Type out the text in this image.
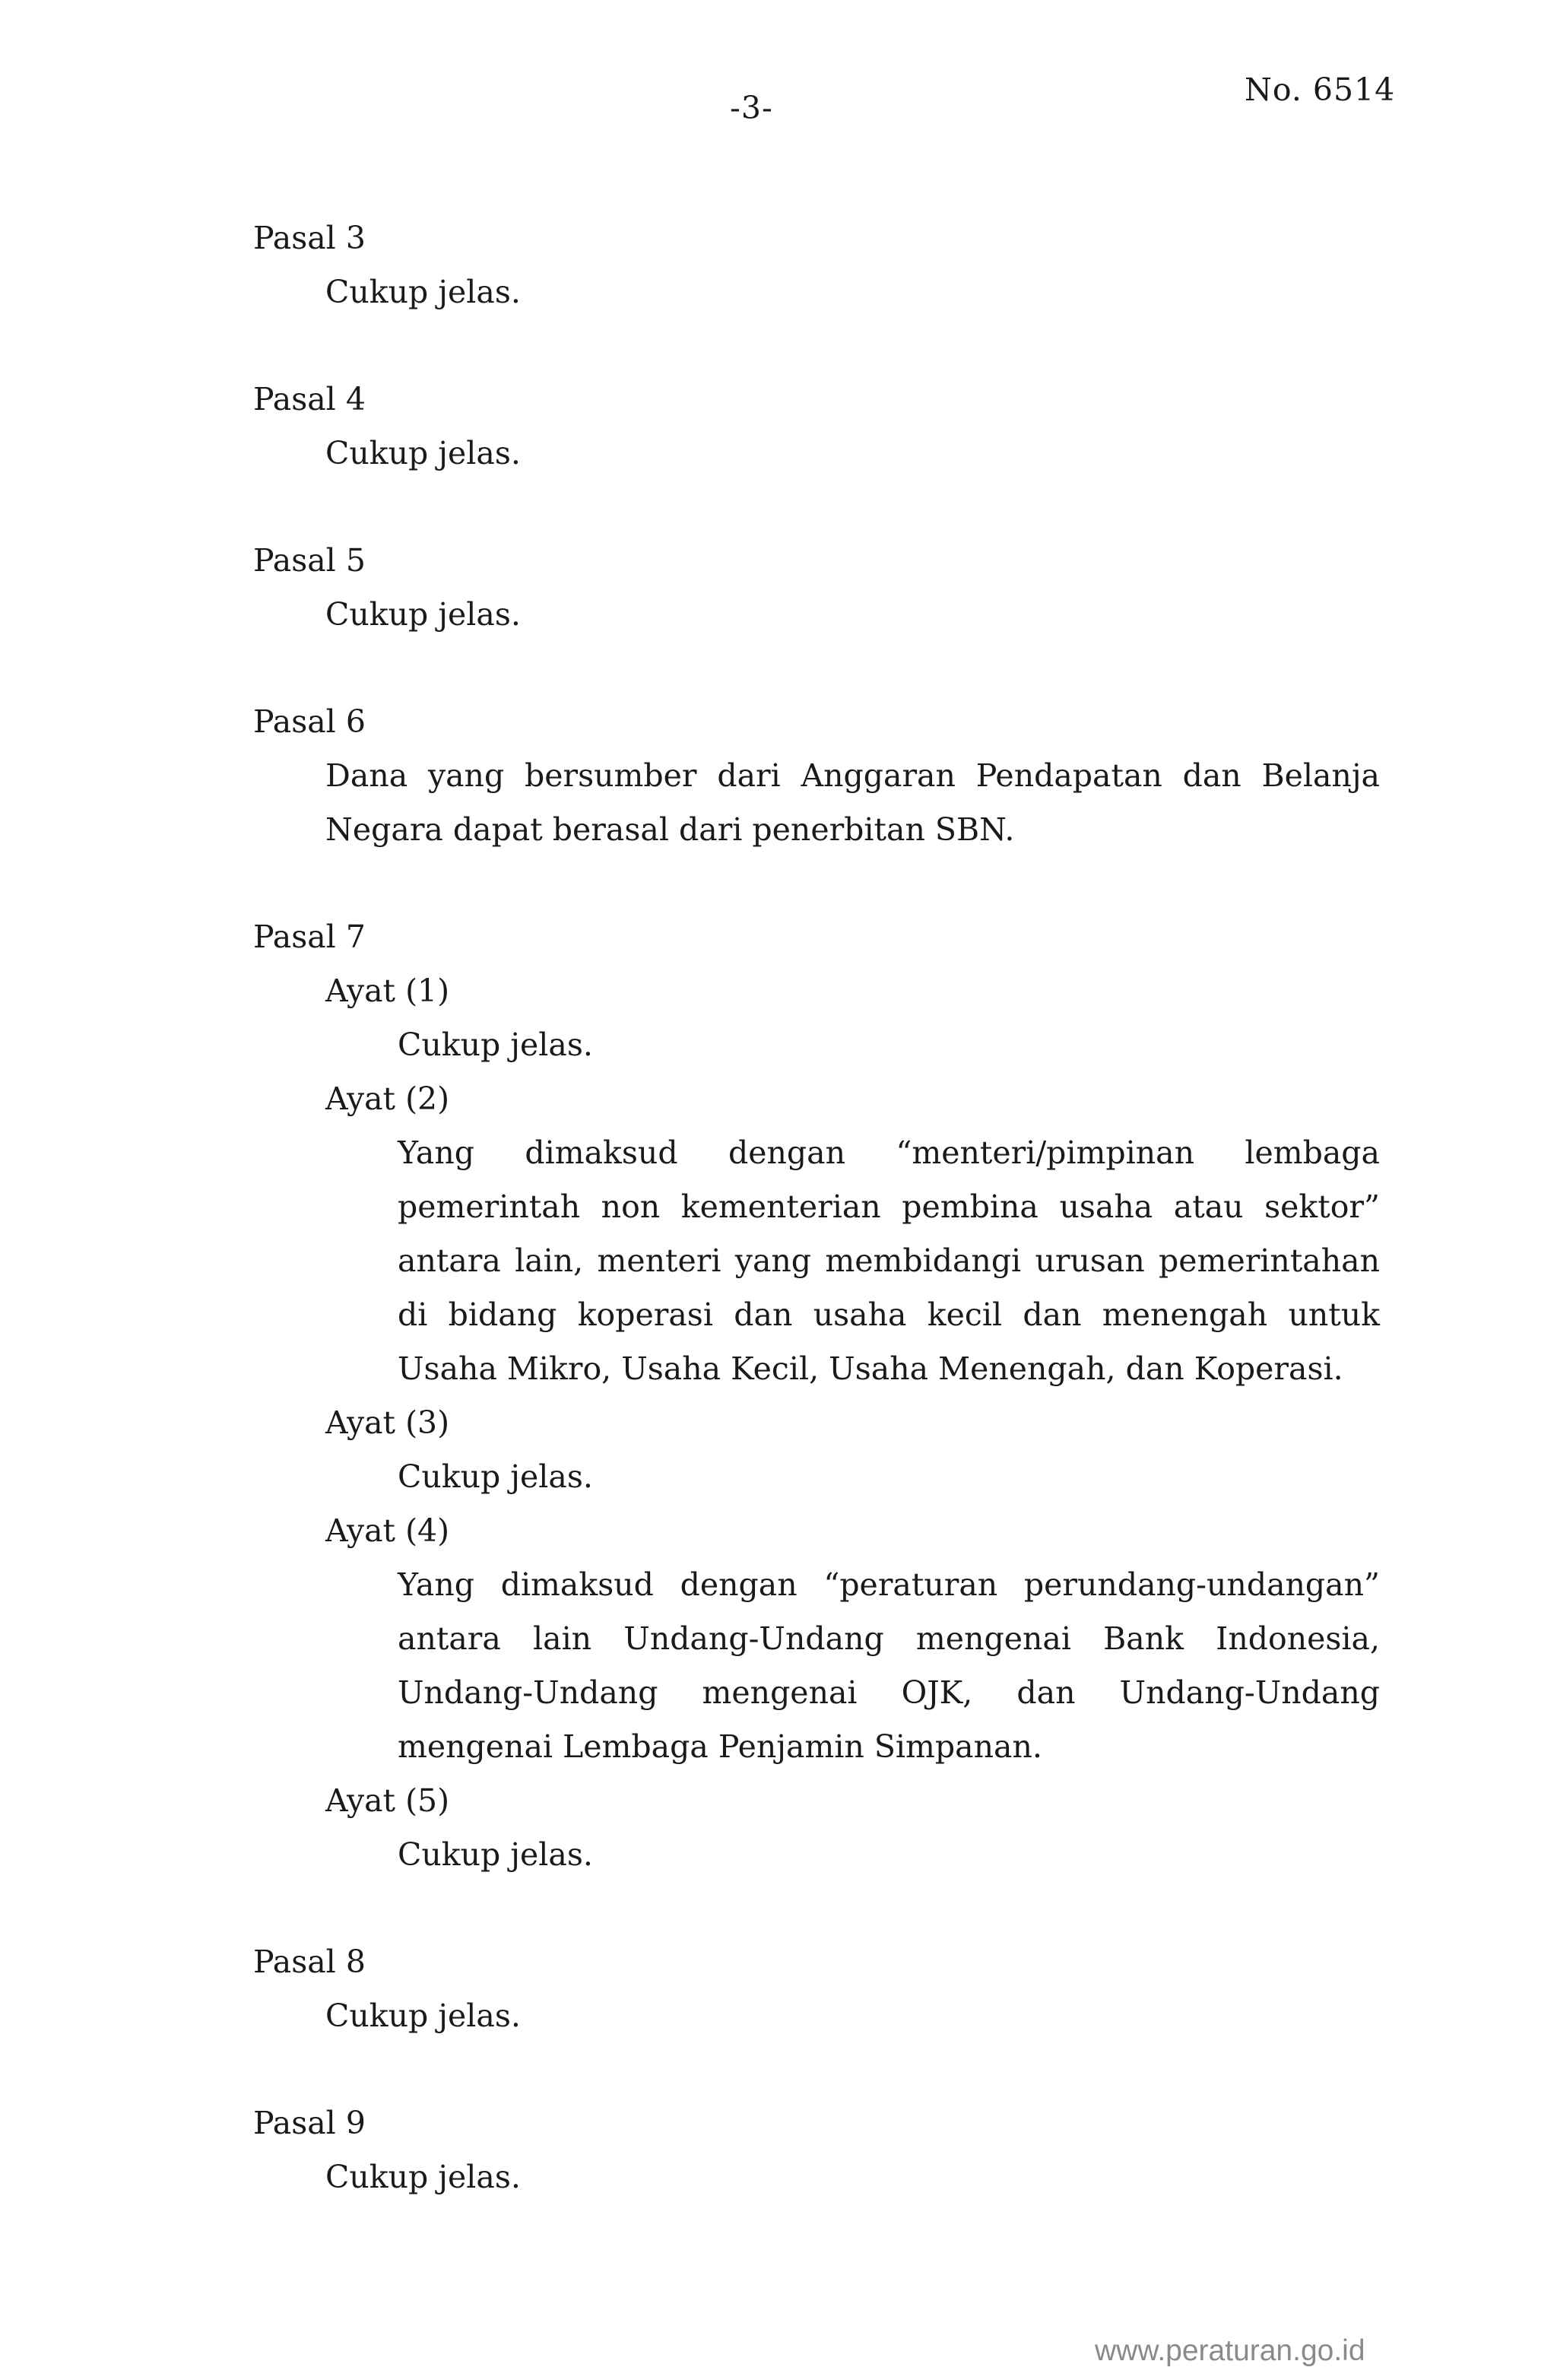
-3-	No. 6514
Pasal 3
Cukup jelas.
Pasal 4
Cukup jelas.
Pasal 5
Cukup jelas.
Pasal 6
Dana yang bersumber dari Anggaran Pendapatan dan Belanja Negara dapat berasal dari penerbitan SBN.
Pasal 7
Ayat (1)
Cukup jelas.
Ayat (2)
Yang dimaksud dengan “menteri/pimpinan lembaga pemerintah non kementerian pembina usaha atau sektor” antara lain, menteri yang membidangi urusan pemerintahan di bidang koperasi dan usaha kecil dan menengah untuk Usaha Mikro, Usaha Kecil, Usaha Menengah, dan Koperasi.
Ayat (3)
Cukup jelas.
Ayat (4)
Yang dimaksud dengan “peraturan perundang-undangan” antara lain Undang-Undang mengenai Bank Indonesia, Undang-Undang mengenai OJK, dan Undang-Undang mengenai Lembaga Penjamin Simpanan.
Ayat (5)
Cukup jelas.
Pasal 8
Cukup jelas.
Pasal 9
Cukup jelas.
www.peraturan.go.id
